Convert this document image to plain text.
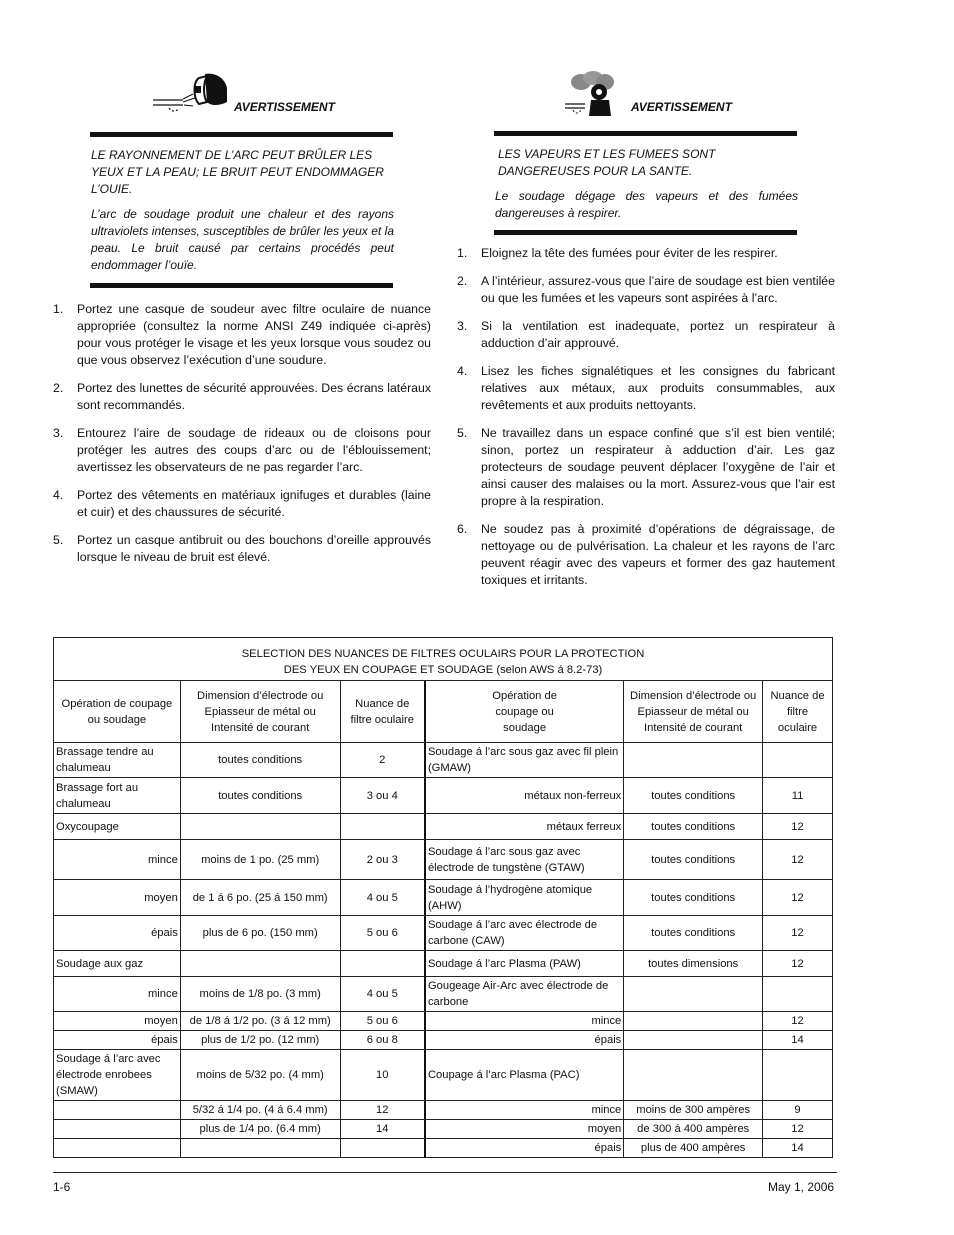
AVERTISSEMENT

LE RAYONNEMENT DE L’ARC PEUT BRÛLER LES YEUX ET LA PEAU; LE BRUIT PEUT ENDOMMAGER L’OUIE.

L’arc de soudage produit une chaleur et des rayons ultraviolets intenses, susceptibles de brûler les yeux et la peau. Le bruit causé par certains procédés peut endommager l’ouïe.

1. Portez une casque de soudeur avec filtre oculaire de nuance appropriée (consultez la norme ANSI Z49 indiquée ci-après) pour vous protéger le visage et les yeux lorsque vous soudez ou que vous observez l’exécution d’une soudure.
2. Portez des lunettes de sécurité approuvées. Des écrans latéraux sont recommandés.
3. Entourez l’aire de soudage de rideaux ou de cloisons pour protéger les autres des coups d’arc ou de l’éblouissement; avertissez les observateurs de ne pas regarder l’arc.
4. Portez des vêtements en matériaux ignifuges et durables (laine et cuir) et des chaussures de sécurité.
5. Portez un casque antibruit ou des bouchons d’oreille approuvés lorsque le niveau de bruit est élevé.
AVERTISSEMENT

LES VAPEURS ET LES FUMEES SONT DANGEREUSES POUR LA SANTE.

Le soudage dégage des vapeurs et des fumées dangereuses à respirer.

1. Eloignez la tête des fumées pour éviter de les respirer.
2. A l’intérieur, assurez-vous que l’aire de soudage est bien ventilée ou que les fumées et les vapeurs sont aspirées à l’arc.
3. Si la ventilation est inadequate, portez un respirateur à adduction d’air approuvé.
4. Lisez les fiches signalétiques et les consignes du fabricant relatives aux métaux, aux produits consummables, aux revêtements et aux produits nettoyants.
5. Ne travaillez dans un espace confiné que s’il est bien ventilé; sinon, portez un respirateur à adduction d’air. Les gaz protecteurs de soudage peuvent déplacer l’oxygène de l’air et ainsi causer des malaises ou la mort. Assurez-vous que l’air est propre à la respiration.
6. Ne soudez pas à proximité d’opérations de dégraissage, de nettoyage ou de pulvérisation. La chaleur et les rayons de l’arc peuvent réagir avec des vapeurs et former des gaz hautement toxiques et irritants.
SELECTION DES NUANCES DE FILTRES OCULAIRS POUR LA PROTECTION
DES YEUX EN COUPAGE ET SOUDAGE (selon AWS á 8.2-73)					

Opération de coupage ou soudage	Dimension d’électrode ou Epiasseur de métal ou Intensité de courant	Nuance de filtre oculaire	Opération de coupage ou soudage	Dimension d’électrode ou Epiasseur de métal ou Intensité de courant	Nuance de filtre oculaire
Brassage tendre au chalumeau	toutes conditions	2	Soudage á l’arc sous gaz avec fil plein (GMAW)		
Brassage fort au chalumeau	toutes conditions	3 ou 4	métaux non-ferreux	toutes conditions	11
Oxycoupage			métaux ferreux	toutes conditions	12
mince	moins de 1 po. (25 mm)	2 ou 3	Soudage á l’arc sous gaz avec électrode de tungstène (GTAW)	toutes conditions	12
moyen	de 1 á 6 po. (25 á 150 mm)	4 ou 5	Soudage á l’hydrogène atomique (AHW)	toutes conditions	12
épais	plus de 6 po. (150 mm)	5 ou 6	Soudage á l’arc avec électrode de carbone (CAW)	toutes conditions	12
Soudage aux gaz			Soudage á l’arc Plasma (PAW)	toutes dimensions	12
mince	moins de 1/8 po. (3 mm)	4 ou 5	Gougeage Air-Arc avec électrode de carbone		
moyen	de 1/8 á 1/2 po. (3 á 12 mm)	5 ou 6	mince		12
épais	plus de 1/2 po. (12 mm)	6 ou 8	épais		14
Soudage á l’arc avec électrode enrobees (SMAW)	moins de 5/32 po. (4 mm)	10	Coupage á l’arc Plasma (PAC)		
	5/32 á 1/4 po. (4 á 6.4 mm)	12	mince	moins de 300 ampères	9
	plus de 1/4 po. (6.4 mm)	14	moyen	de 300 á 400 ampères	12
			épais	plus de 400 ampères	14
1-6	May 1, 2006
